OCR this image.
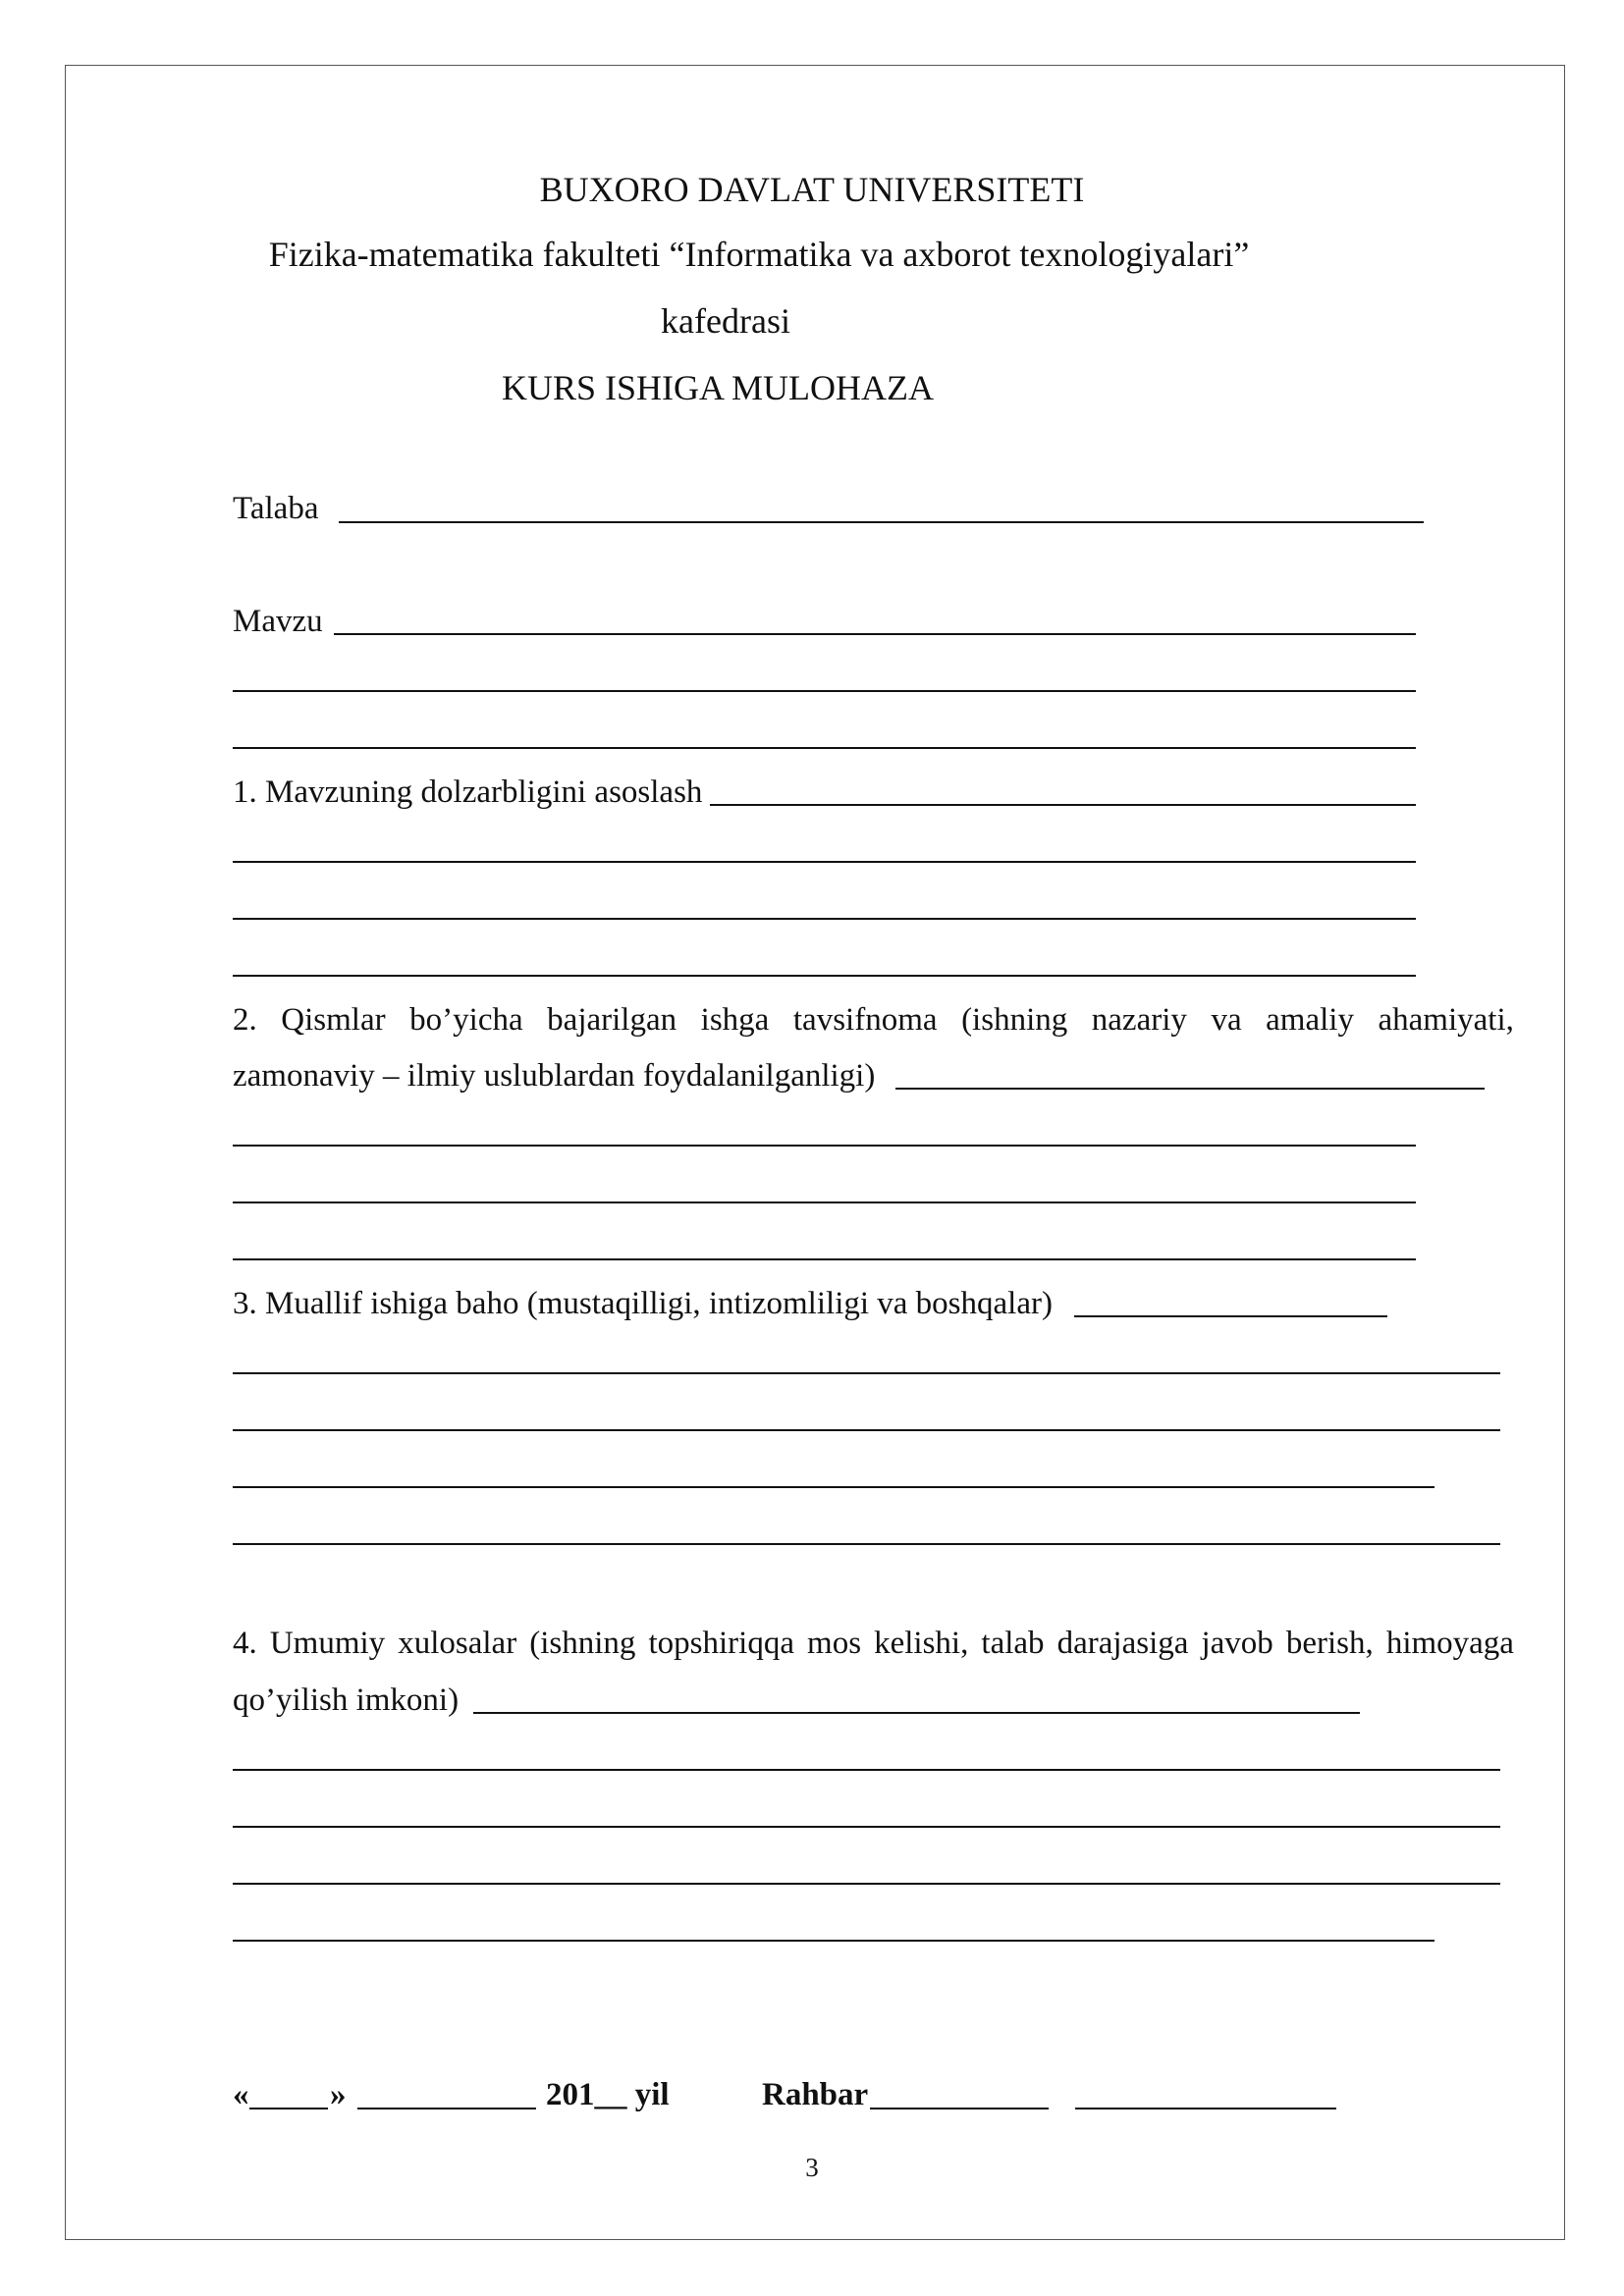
BUXORO DAVLAT UNIVERSITETI
Fizika-matematika fakulteti “Informatika va axborot texnologiyalari”
kafedrasi
KURS ISHIGA MULOHAZA
Talaba
Mavzu
1. Mavzuning dolzarbligini asoslash
2. Qismlar bo’yicha bajarilgan ishga tavsifnoma (ishning nazariy va amaliy ahamiyati,
zamonaviy – ilmiy uslublardan foydalanilganligi)
3. Muallif ishiga baho (mustaqilligi, intizomliligi va boshqalar)
4. Umumiy xulosalar (ishning topshiriqqa mos kelishi, talab darajasiga javob berish, himoyaga
qo’yilish imkoni)
«	»	201__ yil	Rahbar
3
